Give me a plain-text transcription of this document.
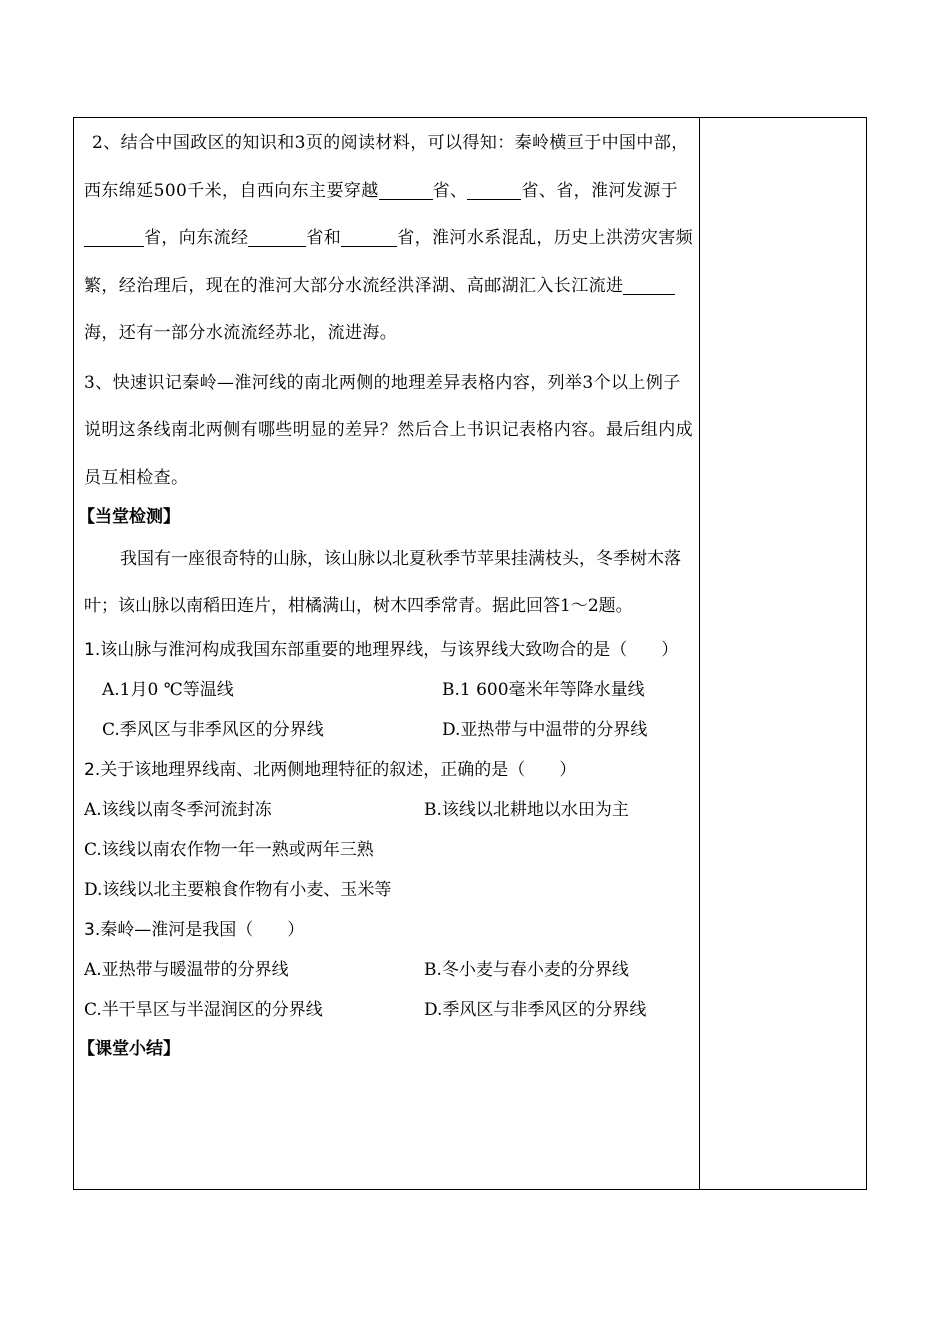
2、结合中国政区的知识和3页的阅读材料，可以得知：秦岭横亘于中国中部，西东绵延500千米，自西向东主要穿越	省、	省、省，淮河发源于省，向东流经	省和	省，淮河水系混乱，历史上洪涝灾害频繁，经治理后，现在的淮河大部分水流经洪泽湖、高邮湖汇入长江流进海，还有一部分水流流经苏北，流进海。

3、快速识记秦岭—淮河线的南北两侧的地理差异表格内容，列举3个以上例子说明这条线南北两侧有哪些明显的差异？然后合上书识记表格内容。最后组内成员互相检查。

【当堂检测】

我国有一座很奇特的山脉，该山脉以北夏秋季节苹果挂满枝头，冬季树木落叶；该山脉以南稻田连片，柑橘满山，树木四季常青。据此回答1～2题。

1.该山脉与淮河构成我国东部重要的地理界线，与该界线大致吻合的是（　　）

A.1月0 ℃等温线	B.1 600毫米年等降水量线
C.季风区与非季风区的分界线	D.亚热带与中温带的分界线

2.关于该地理界线南、北两侧地理特征的叙述，正确的是（　　）

A.该线以南冬季河流封冻	B.该线以北耕地以水田为主
C.该线以南农作物一年一熟或两年三熟
D.该线以北主要粮食作物有小麦、玉米等

3.秦岭—淮河是我国（　　）

A.亚热带与暖温带的分界线	B.冬小麦与春小麦的分界线
C.半干旱区与半湿润区的分界线	D.季风区与非季风区的分界线

【课堂小结】
